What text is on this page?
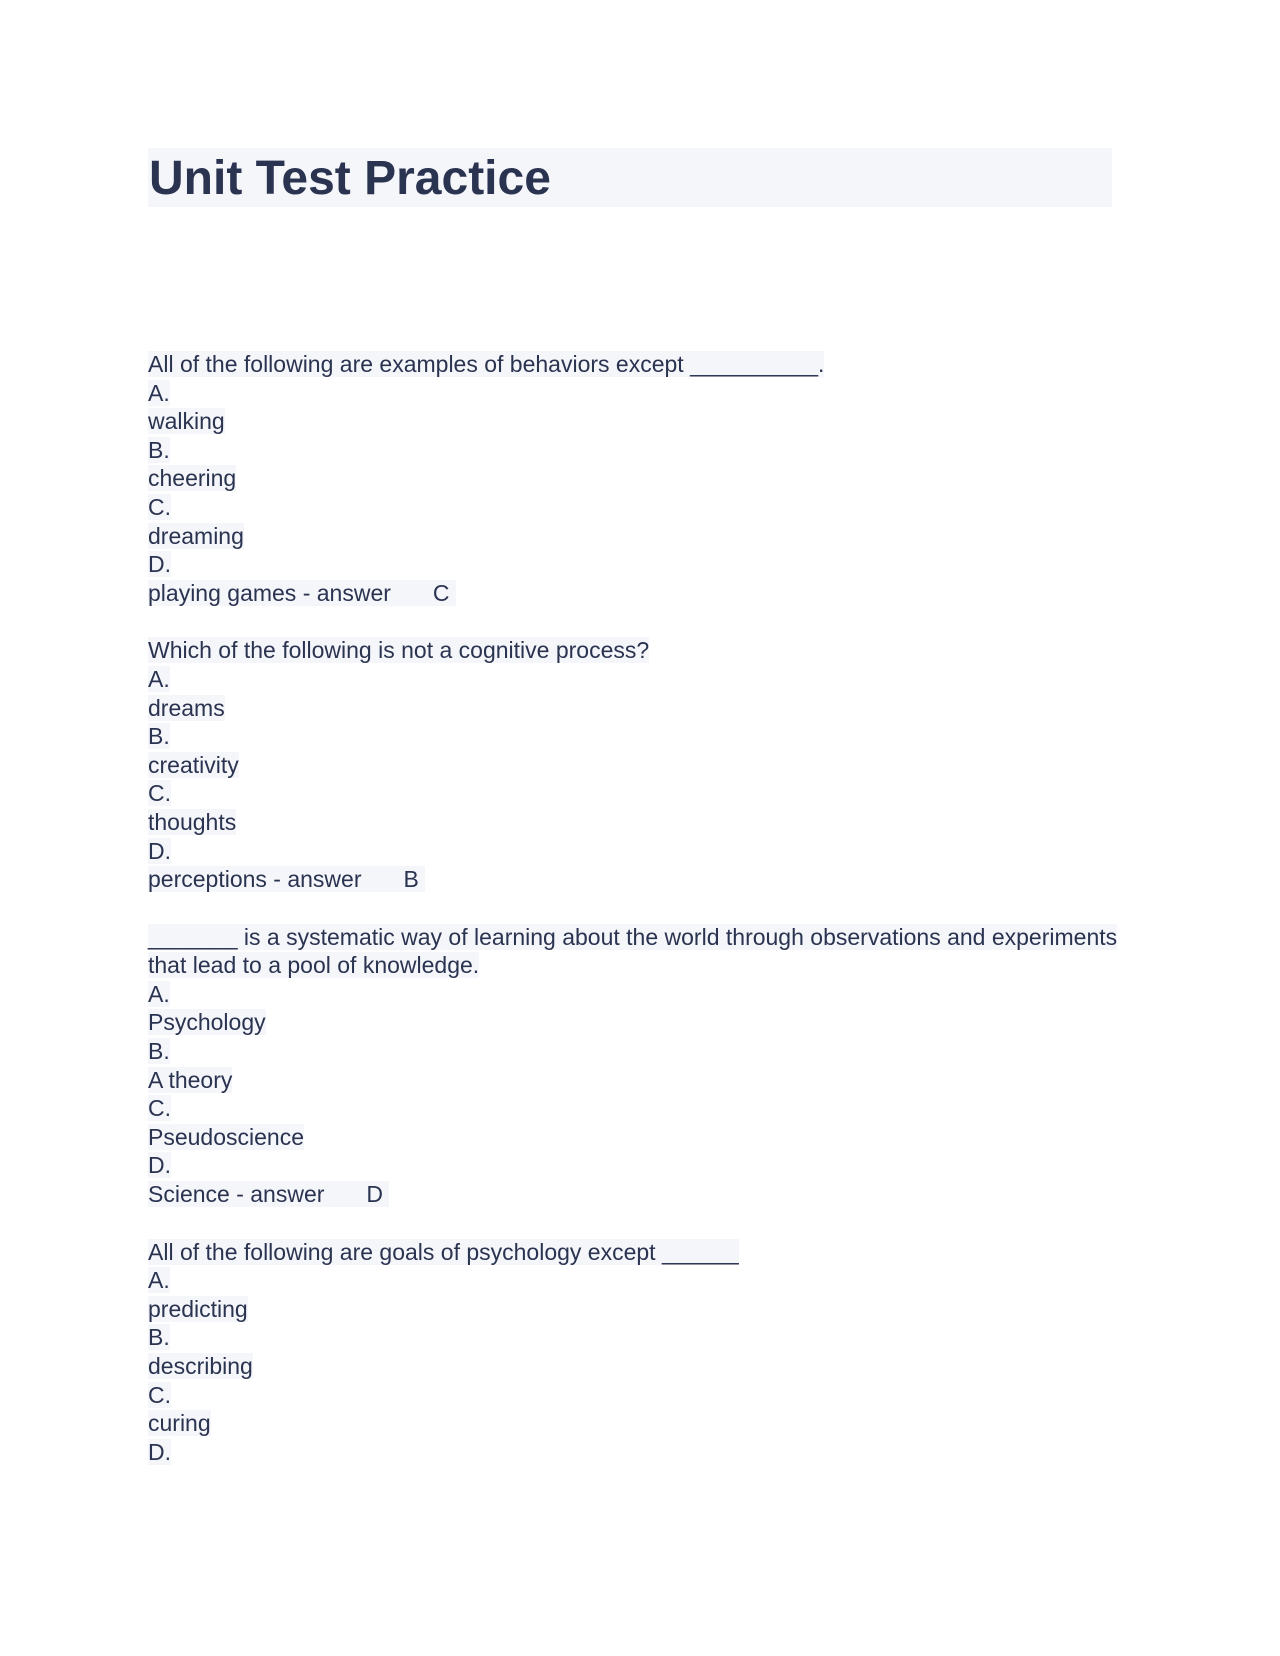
Unit Test Practice
All of the following are examples of behaviors except __________.
A.
walking
B.
cheering
C.
dreaming
D.
playing games - answer C
Which of the following is not a cognitive process?
A.
dreams
B.
creativity
C.
thoughts
D.
perceptions - answer B
_______ is a systematic way of learning about the world through observations and experiments that lead to a pool of knowledge.
A.
Psychology
B.
A theory
C.
Pseudoscience
D.
Science - answer D
All of the following are goals of psychology except ______
A.
predicting
B.
describing
C.
curing
D.
